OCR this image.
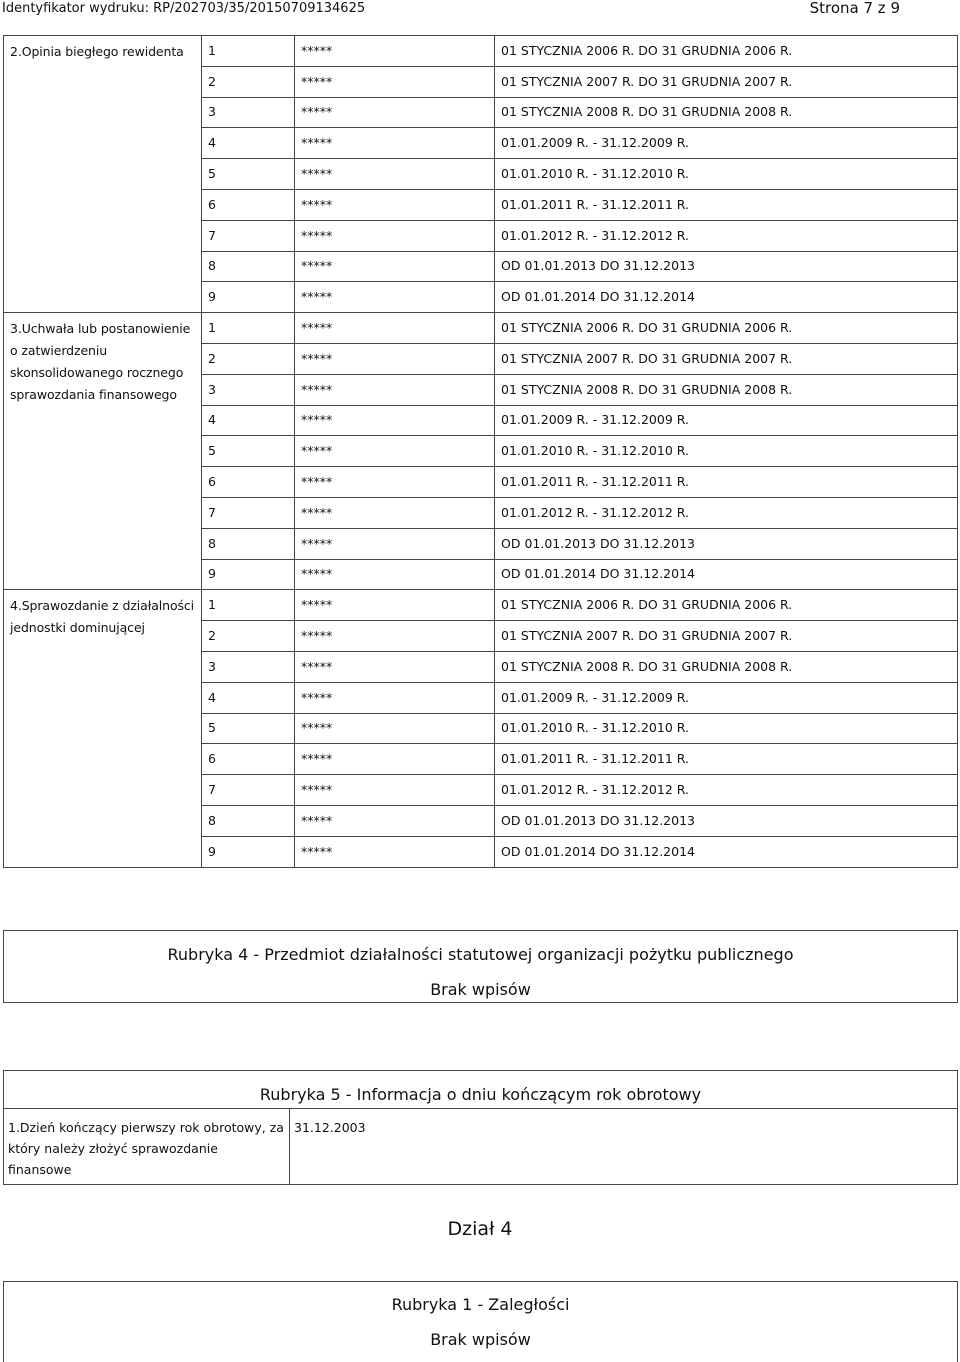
Identyfikator wydruku: RP/202703/35/20150709134625	Strona 7 z 9
2.Opinia biegłego rewidenta	1	*****	01 STYCZNIA 2006 R. DO 31 GRUDNIA 2006 R.
	2	*****	01 STYCZNIA 2007 R. DO 31 GRUDNIA 2007 R.
	3	*****	01 STYCZNIA 2008 R. DO 31 GRUDNIA 2008 R.
	4	*****	01.01.2009 R. - 31.12.2009 R.
	5	*****	01.01.2010 R. - 31.12.2010 R.
	6	*****	01.01.2011 R. - 31.12.2011 R.
	7	*****	01.01.2012 R. - 31.12.2012 R.
	8	*****	OD 01.01.2013 DO 31.12.2013
	9	*****	OD 01.01.2014 DO 31.12.2014
3.Uchwała lub postanowienie o zatwierdzeniu skonsolidowanego rocznego sprawozdania finansowego	1	*****	01 STYCZNIA 2006 R. DO 31 GRUDNIA 2006 R.
	2	*****	01 STYCZNIA 2007 R. DO 31 GRUDNIA 2007 R.
	3	*****	01 STYCZNIA 2008 R. DO 31 GRUDNIA 2008 R.
	4	*****	01.01.2009 R. - 31.12.2009 R.
	5	*****	01.01.2010 R. - 31.12.2010 R.
	6	*****	01.01.2011 R. - 31.12.2011 R.
	7	*****	01.01.2012 R. - 31.12.2012 R.
	8	*****	OD 01.01.2013 DO 31.12.2013
	9	*****	OD 01.01.2014 DO 31.12.2014
4.Sprawozdanie z działalności jednostki dominującej	1	*****	01 STYCZNIA 2006 R. DO 31 GRUDNIA 2006 R.
	2	*****	01 STYCZNIA 2007 R. DO 31 GRUDNIA 2007 R.
	3	*****	01 STYCZNIA 2008 R. DO 31 GRUDNIA 2008 R.
	4	*****	01.01.2009 R. - 31.12.2009 R.
	5	*****	01.01.2010 R. - 31.12.2010 R.
	6	*****	01.01.2011 R. - 31.12.2011 R.
	7	*****	01.01.2012 R. - 31.12.2012 R.
	8	*****	OD 01.01.2013 DO 31.12.2013
	9	*****	OD 01.01.2014 DO 31.12.2014
Rubryka 4 - Przedmiot działalności statutowej organizacji pożytku publicznego
Brak wpisów
Rubryka 5 - Informacja o dniu kończącym rok obrotowy
1.Dzień kończący pierwszy rok obrotowy, za który należy złożyć sprawozdanie finansowe	31.12.2003
Dział 4
Rubryka 1 - Zaległości
Brak wpisów
